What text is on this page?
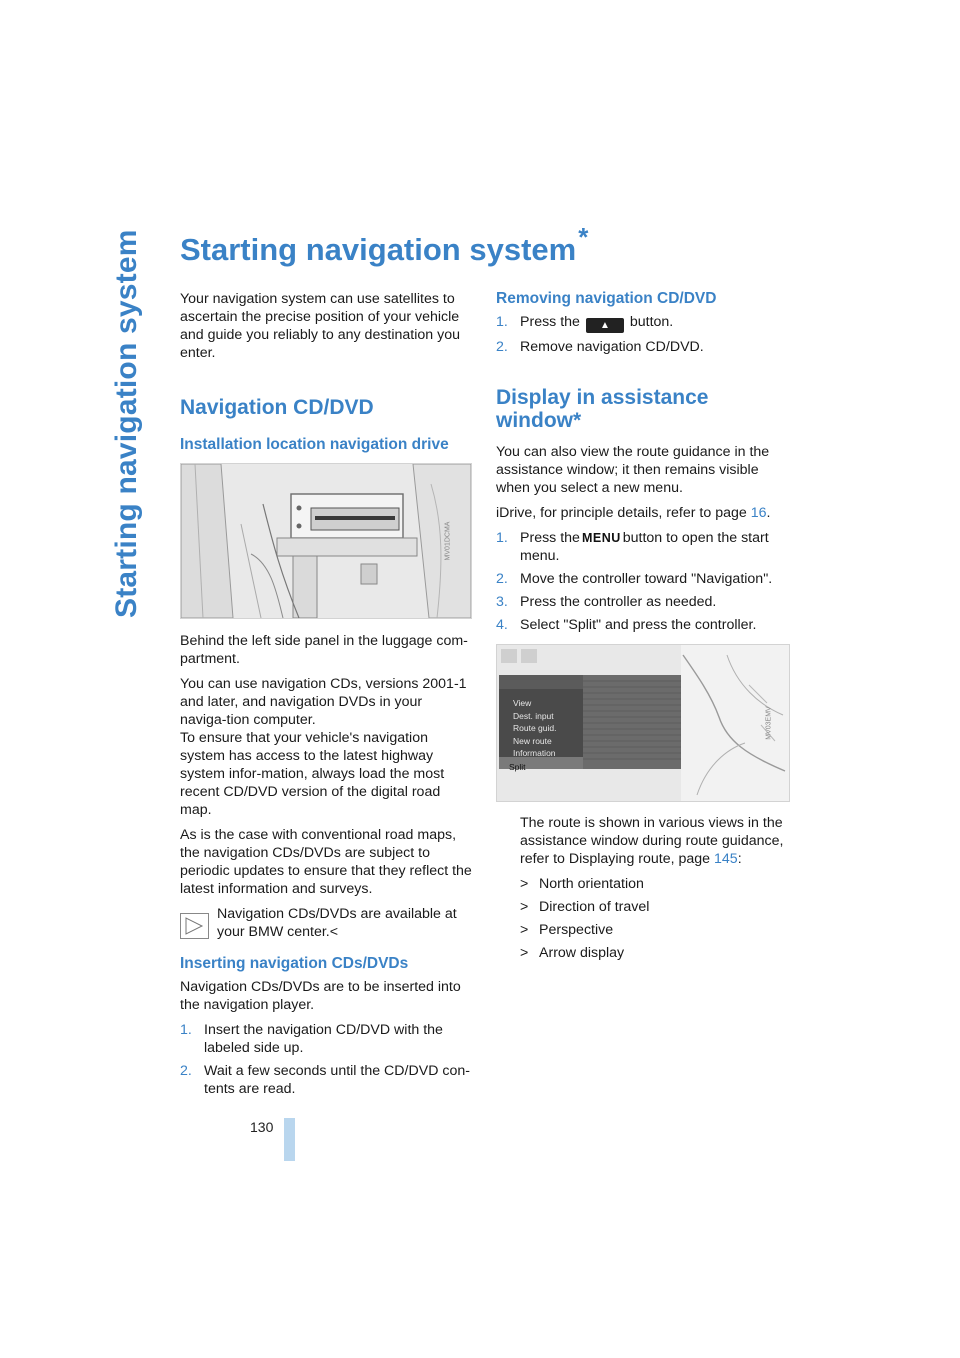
Starting navigation system Starting navigation system*

Your navigation system can use satellites to ascertain the precise position of your vehicle and guide you reliably to any destination you enter.

Navigation CD/DVD
Installation location navigation drive
MV01DCMA

Behind the left side panel in the luggage com-partment.

You can use navigation CDs, versions 2001-1 and later, and navigation DVDs in your naviga-tion computer.

To ensure that your vehicle's navigation system has access to the latest highway system infor-mation, always load the most recent CD/DVD version of the digital road map.

As is the case with conventional road maps, the navigation CDs/DVDs are subject to periodic updates to ensure that they reflect the latest information and surveys.

Navigation CDs/DVDs are available at your BMW center.<
Inserting navigation CDs/DVDs

Navigation CDs/DVDs are to be inserted into the navigation player.

1. Insert the navigation CD/DVD with the labeled side up.
2. Wait a few seconds until the CD/DVD con-tents are read.
Removing navigation CD/DVD
1. Press the ▲ button.
2. Remove navigation CD/DVD.
Display in assistance
window*

You can also view the route guidance in the assistance window; it then remains visible when you select a new menu.

iDrive, for principle details, refer to page 16.

1. Press the MENU button to open the start menu.
2. Move the controller toward "Navigation".
3. Press the controller as needed.
4. Select "Split" and press the controller.
View
Dest. input
Route guid.
New route
Information
Split
MV03EMV

The route is shown in various views in the assistance window during route guidance, refer to Displaying route, page 145:

> North orientation
> Direction of travel
> Perspective
> Arrow display
130
